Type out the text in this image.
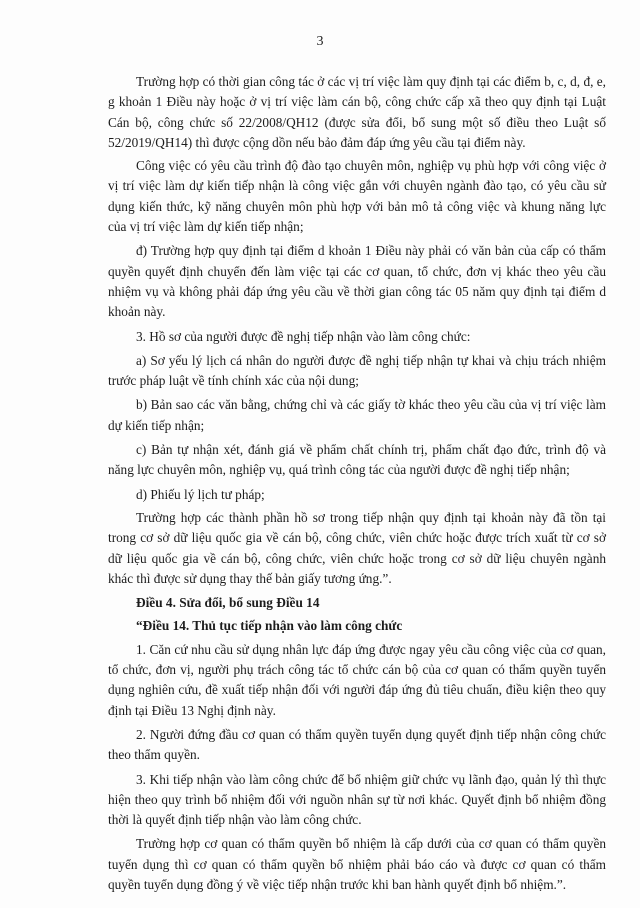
3

Trường hợp có thời gian công tác ở các vị trí việc làm quy định tại các điểm b, c, d, đ, e, g khoản 1 Điều này hoặc ở vị trí việc làm cán bộ, công chức cấp xã theo quy định tại Luật Cán bộ, công chức số 22/2008/QH12 (được sửa đổi, bổ sung một số điều theo Luật số 52/2019/QH14) thì được cộng dồn nếu bảo đảm đáp ứng yêu cầu tại điểm này.

Công việc có yêu cầu trình độ đào tạo chuyên môn, nghiệp vụ phù hợp với công việc ở vị trí việc làm dự kiến tiếp nhận là công việc gắn với chuyên ngành đào tạo, có yêu cầu sử dụng kiến thức, kỹ năng chuyên môn phù hợp với bản mô tả công việc và khung năng lực của vị trí việc làm dự kiến tiếp nhận;

đ) Trường hợp quy định tại điểm d khoản 1 Điều này phải có văn bản của cấp có thẩm quyền quyết định chuyển đến làm việc tại các cơ quan, tổ chức, đơn vị khác theo yêu cầu nhiệm vụ và không phải đáp ứng yêu cầu về thời gian công tác 05 năm quy định tại điểm d khoản này.

3. Hồ sơ của người được đề nghị tiếp nhận vào làm công chức:

a) Sơ yếu lý lịch cá nhân do người được đề nghị tiếp nhận tự khai và chịu trách nhiệm trước pháp luật về tính chính xác của nội dung;

b) Bản sao các văn bằng, chứng chỉ và các giấy tờ khác theo yêu cầu của vị trí việc làm dự kiến tiếp nhận;

c) Bản tự nhận xét, đánh giá về phẩm chất chính trị, phẩm chất đạo đức, trình độ và năng lực chuyên môn, nghiệp vụ, quá trình công tác của người được đề nghị tiếp nhận;

d) Phiếu lý lịch tư pháp;

Trường hợp các thành phần hồ sơ trong tiếp nhận quy định tại khoản này đã tồn tại trong cơ sở dữ liệu quốc gia về cán bộ, công chức, viên chức hoặc được trích xuất từ cơ sở dữ liệu quốc gia về cán bộ, công chức, viên chức hoặc trong cơ sở dữ liệu chuyên ngành khác thì được sử dụng thay thế bản giấy tương ứng.”.

Điều 4. Sửa đổi, bổ sung Điều 14

“Điều 14. Thủ tục tiếp nhận vào làm công chức

1. Căn cứ nhu cầu sử dụng nhân lực đáp ứng được ngay yêu cầu công việc của cơ quan, tổ chức, đơn vị, người phụ trách công tác tổ chức cán bộ của cơ quan có thẩm quyền tuyển dụng nghiên cứu, đề xuất tiếp nhận đối với người đáp ứng đủ tiêu chuẩn, điều kiện theo quy định tại Điều 13 Nghị định này.

2. Người đứng đầu cơ quan có thẩm quyền tuyển dụng quyết định tiếp nhận công chức theo thẩm quyền.

3. Khi tiếp nhận vào làm công chức để bổ nhiệm giữ chức vụ lãnh đạo, quản lý thì thực hiện theo quy trình bổ nhiệm đối với nguồn nhân sự từ nơi khác. Quyết định bổ nhiệm đồng thời là quyết định tiếp nhận vào làm công chức.

Trường hợp cơ quan có thẩm quyền bổ nhiệm là cấp dưới của cơ quan có thẩm quyền tuyển dụng thì cơ quan có thẩm quyền bổ nhiệm phải báo cáo và được cơ quan có thẩm quyền tuyển dụng đồng ý về việc tiếp nhận trước khi ban hành quyết định bổ nhiệm.”.
